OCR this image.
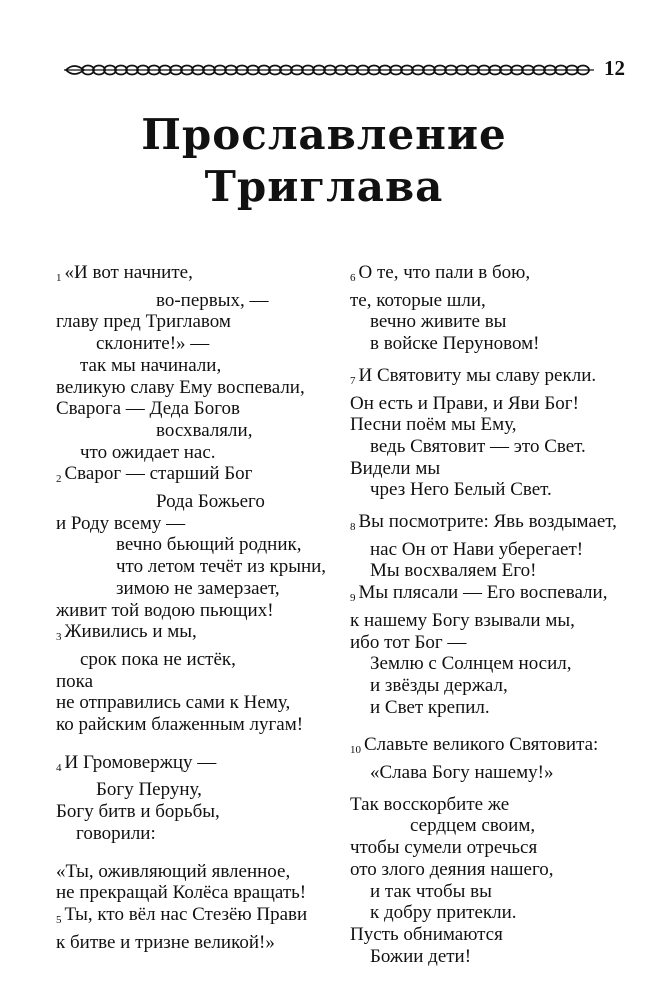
12
Прославление
Триглава
1 «И вот начните,
во-первых, —
главу пред Триглавом
склоните!» —
так мы начинали,
великую славу Ему воспевали,
Сварога — Деда Богов
восхваляли,
что ожидает нас.
2 Сварог — старший Бог
Рода Божьего
и Роду всему —
вечно бьющий родник,
что летом течёт из крыни,
зимою не замерзает,
живит той водою пьющих!
3 Живились и мы,
срок пока не истёк,
пока
не отправились сами к Нему,
ко райским блаженным лугам!
4 И Громовержцу —
Богу Перуну,
Богу битв и борьбы,
говорили:
«Ты, оживляющий явленное,
не прекращай Колёса вращать!
5 Ты, кто вёл нас Стезёю Прави
к битве и тризне великой!»
6 О те, что пали в бою,
те, которые шли,
вечно живите вы
в войске Перуновом!
7 И Святовиту мы славу рекли.
Он есть и Прави, и Яви Бог!
Песни поём мы Ему,
ведь Святовит — это Свет.
Видели мы
чрез Него Белый Свет.
8 Вы посмотрите: Явь воздымает,
нас Он от Нави уберегает!
Мы восхваляем Его!
9 Мы плясали — Его воспевали,
к нашему Богу взывали мы,
ибо тот Бог —
Землю с Солнцем носил,
и звёзды держал,
и Свет крепил.
10 Славьте великого Святовита:
«Слава Богу нашему!»
Так восскорбите же
сердцем своим,
чтобы сумели отречься
ото злого деяния нашего,
и так чтобы вы
к добру притекли.
Пусть обнимаются
Божии дети!
